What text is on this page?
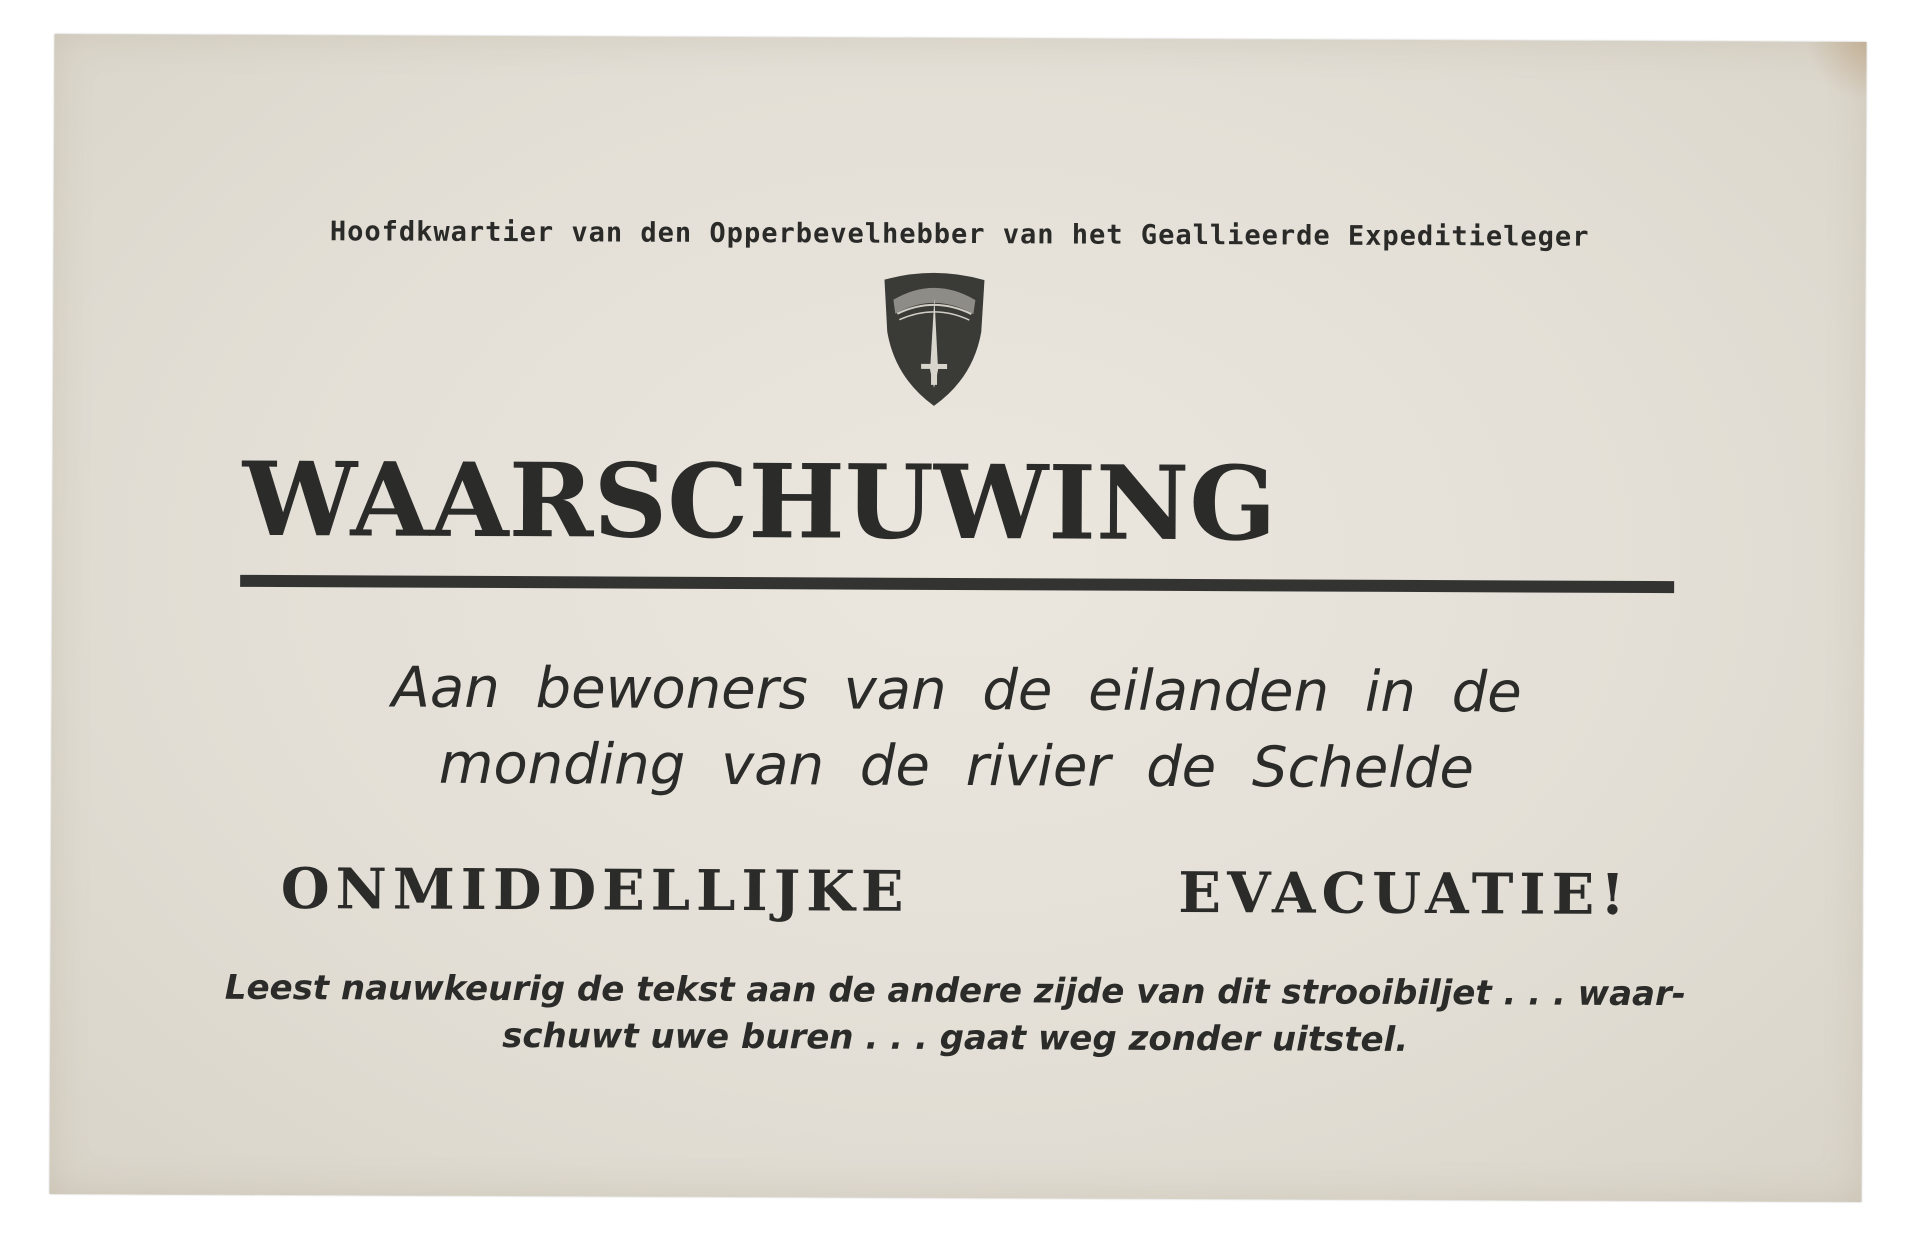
Hoofdkwartier van den Opperbevelhebber van het Geallieerde Expeditieleger
WAARSCHUWING
Aan bewoners van de eilanden in de
monding van de rivier de Schelde
ONMIDDELLIJKE EVACUATIE!
Leest nauwkeurig de tekst aan de andere zijde van dit strooibiljet . . . waar-
schuwt uwe buren . . . gaat weg zonder uitstel.
